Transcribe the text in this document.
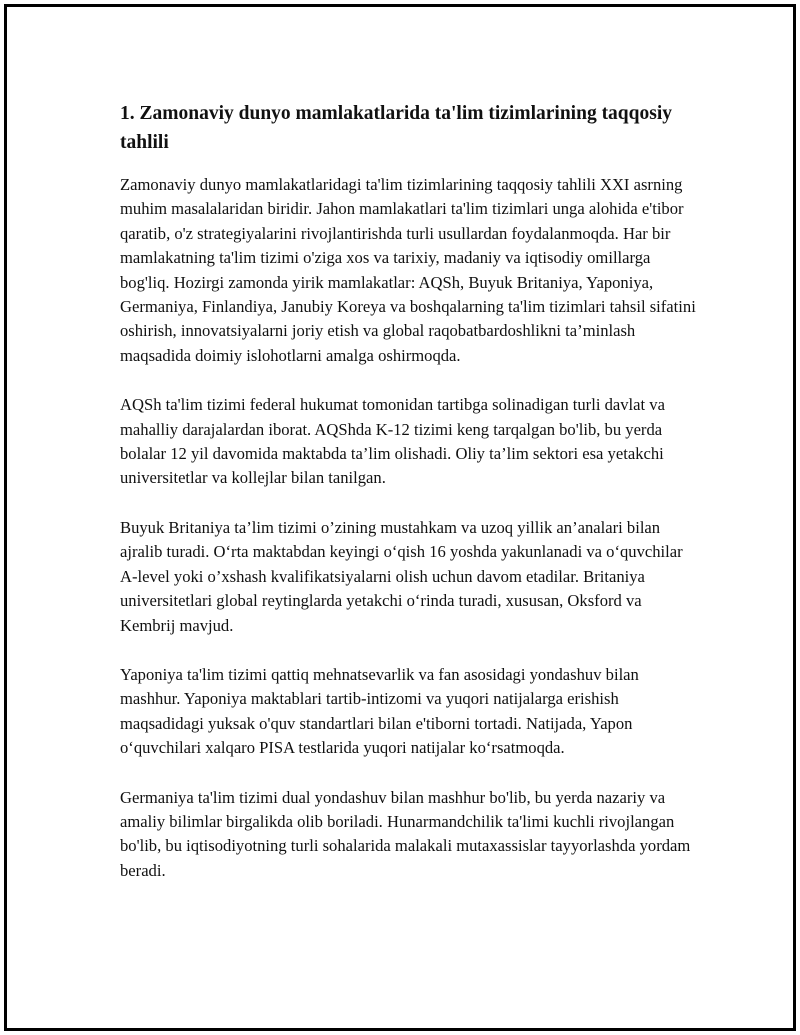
1. Zamonaviy dunyo mamlakatlarida ta'lim tizimlarining taqqosiy tahlili

Zamonaviy dunyo mamlakatlaridagi ta'lim tizimlarining taqqosiy tahlili XXI asrning muhim masalalaridan biridir. Jahon mamlakatlari ta'lim tizimlari unga alohida e'tibor qaratib, o'z strategiyalarini rivojlantirishda turli usullardan foydalanmoqda. Har bir mamlakatning ta'lim tizimi o'ziga xos va tarixiy, madaniy va iqtisodiy omillarga bog'liq. Hozirgi zamonda yirik mamlakatlar: AQSh, Buyuk Britaniya, Yaponiya, Germaniya, Finlandiya, Janubiy Koreya va boshqalarning ta'lim tizimlari tahsil sifatini oshirish, innovatsiyalarni joriy etish va global raqobatbardoshlikni ta’minlash maqsadida doimiy islohotlarni amalga oshirmoqda.

AQSh ta'lim tizimi federal hukumat tomonidan tartibga solinadigan turli davlat va mahalliy darajalardan iborat. AQShda K-12 tizimi keng tarqalgan bo'lib, bu yerda bolalar 12 yil davomida maktabda ta’lim olishadi. Oliy ta’lim sektori esa yetakchi universitetlar va kollejlar bilan tanilgan.

Buyuk Britaniya ta’lim tizimi o’zining mustahkam va uzoq yillik an’analari bilan ajralib turadi. O‘rta maktabdan keyingi o‘qish 16 yoshda yakunlanadi va o‘quvchilar A-level yoki o’xshash kvalifikatsiyalarni olish uchun davom etadilar. Britaniya universitetlari global reytinglarda yetakchi o‘rinda turadi, xususan, Oksford va Kembrij mavjud.

Yaponiya ta'lim tizimi qattiq mehnatsevarlik va fan asosidagi yondashuv bilan mashhur. Yaponiya maktablari tartib-intizomi va yuqori natijalarga erishish maqsadidagi yuksak o'quv standartlari bilan e'tiborni tortadi. Natijada, Yapon o‘quvchilari xalqaro PISA testlarida yuqori natijalar ko‘rsatmoqda.

Germaniya ta'lim tizimi dual yondashuv bilan mashhur bo'lib, bu yerda nazariy va amaliy bilimlar birgalikda olib boriladi. Hunarmandchilik ta'limi kuchli rivojlangan bo'lib, bu iqtisodiyotning turli sohalarida malakali mutaxassislar tayyorlashda yordam beradi.
